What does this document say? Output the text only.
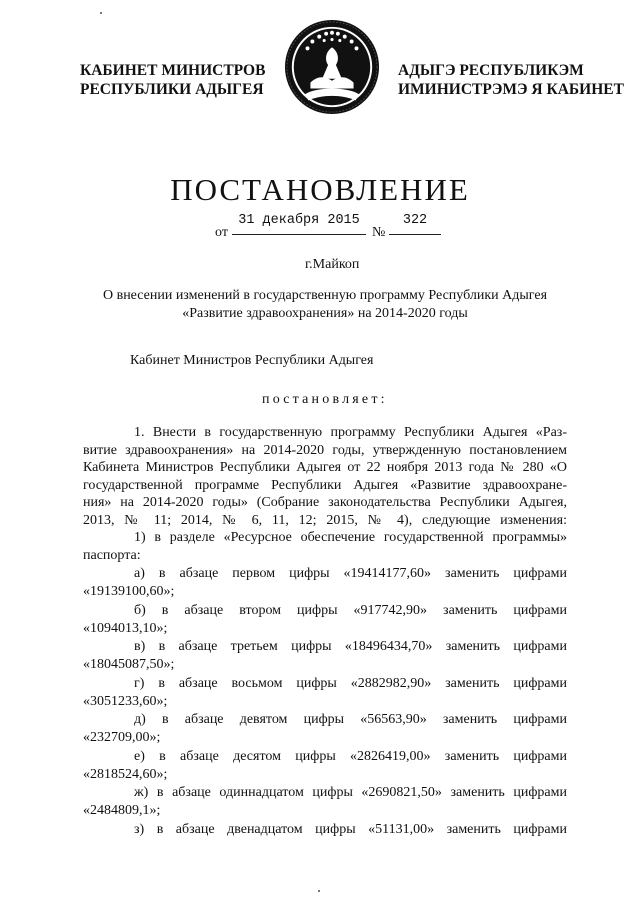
КАБИНЕТ МИНИСТРОВ
РЕСПУБЛИКИ АДЫГЕЯ
АДЫГЭ РЕСПУБЛИКЭМ
ИМИНИСТРЭМЭ Я КАБИНЕТ
ПОСТАНОВЛЕНИЕ
от
31 декабря 2015
№
322
г.Майкоп
О внесении изменений в государственную программу Республики Адыгея
«Развитие здравоохранения» на 2014-2020 годы
Кабинет Министров Республики Адыгея
постановляет:
1. Внести в государственную программу Республики Адыгея «Раз-
витие здравоохранения» на 2014-2020 годы, утвержденную постановлением
Кабинета Министров Республики Адыгея от 22 ноября 2013 года № 280 «О
государственной программе Республики Адыгея «Развитие здравоохране-
ния» на 2014-2020 годы» (Собрание законодательства Республики Адыгея,
2013, № 11; 2014, № 6, 11, 12; 2015, № 4), следующие изменения:
1) в разделе «Ресурсное обеспечение государственной программы»
паспорта:
а) в абзаце первом цифры «19414177,60» заменить цифрами
«19139100,60»;
б) в абзаце втором цифры «917742,90» заменить цифрами
«1094013,10»;
в) в абзаце третьем цифры «18496434,70» заменить цифрами
«18045087,50»;
г) в абзаце восьмом цифры «2882982,90» заменить цифрами
«3051233,60»;
д) в абзаце девятом цифры «56563,90» заменить цифрами
«232709,00»;
е) в абзаце десятом цифры «2826419,00» заменить цифрами
«2818524,60»;
ж) в абзаце одиннадцатом цифры «2690821,50» заменить цифрами
«2484809,1»;
з) в абзаце двенадцатом цифры «51131,00» заменить цифрами
